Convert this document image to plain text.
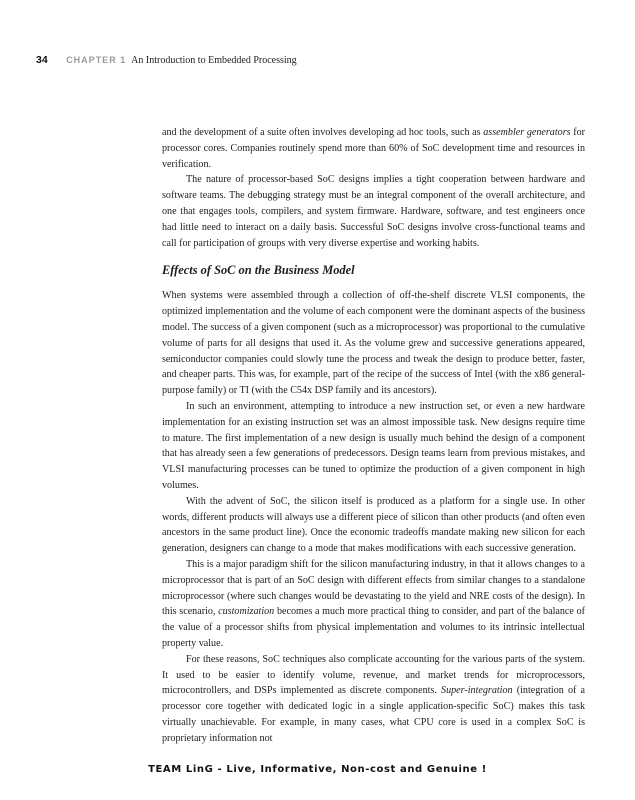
34 CHAPTER 1 An Introduction to Embedded Processing

and the development of a suite often involves developing ad hoc tools, such as assembler generators for processor cores. Companies routinely spend more than 60% of SoC development time and resources in verification.

The nature of processor-based SoC designs implies a tight cooperation between hardware and software teams. The debugging strategy must be an integral component of the overall architecture, and one that engages tools, compilers, and system firmware. Hardware, software, and test engineers once had little need to interact on a daily basis. Successful SoC designs involve cross-functional teams and call for participation of groups with very diverse expertise and working habits.

Effects of SoC on the Business Model

When systems were assembled through a collection of off-the-shelf discrete VLSI components, the optimized implementation and the volume of each component were the dominant aspects of the business model. The success of a given component (such as a microprocessor) was proportional to the cumulative volume of parts for all designs that used it. As the volume grew and successive generations appeared, semiconductor companies could slowly tune the process and tweak the design to produce better, faster, and cheaper parts. This was, for example, part of the recipe of the success of Intel (with the x86 general-purpose family) or TI (with the C54x DSP family and its ancestors).

In such an environment, attempting to introduce a new instruction set, or even a new hardware implementation for an existing instruction set was an almost impossible task. New designs require time to mature. The first implementation of a new design is usually much behind the design of a component that has already seen a few generations of predecessors. Design teams learn from previous mistakes, and VLSI manufacturing processes can be tuned to optimize the production of a given component in high volumes.

With the advent of SoC, the silicon itself is produced as a platform for a single use. In other words, different products will always use a different piece of silicon than other products (and often even ancestors in the same product line). Once the economic tradeoffs mandate making new silicon for each generation, designers can change to a mode that makes modifications with each successive generation.

This is a major paradigm shift for the silicon manufacturing industry, in that it allows changes to a microprocessor that is part of an SoC design with different effects from similar changes to a standalone microprocessor (where such changes would be devastating to the yield and NRE costs of the design). In this scenario, customization becomes a much more practical thing to consider, and part of the balance of the value of a processor shifts from physical implementation and volumes to its intrinsic intellectual property value.

For these reasons, SoC techniques also complicate accounting for the various parts of the system. It used to be easier to identify volume, revenue, and market trends for microprocessors, microcontrollers, and DSPs implemented as discrete components. Super-integration (integration of a processor core together with dedicated logic in a single application-specific SoC) makes this task virtually unachievable. For example, in many cases, what CPU core is used in a complex SoC is proprietary information not

TEAM LinG - Live, Informative, Non-cost and Genuine !
